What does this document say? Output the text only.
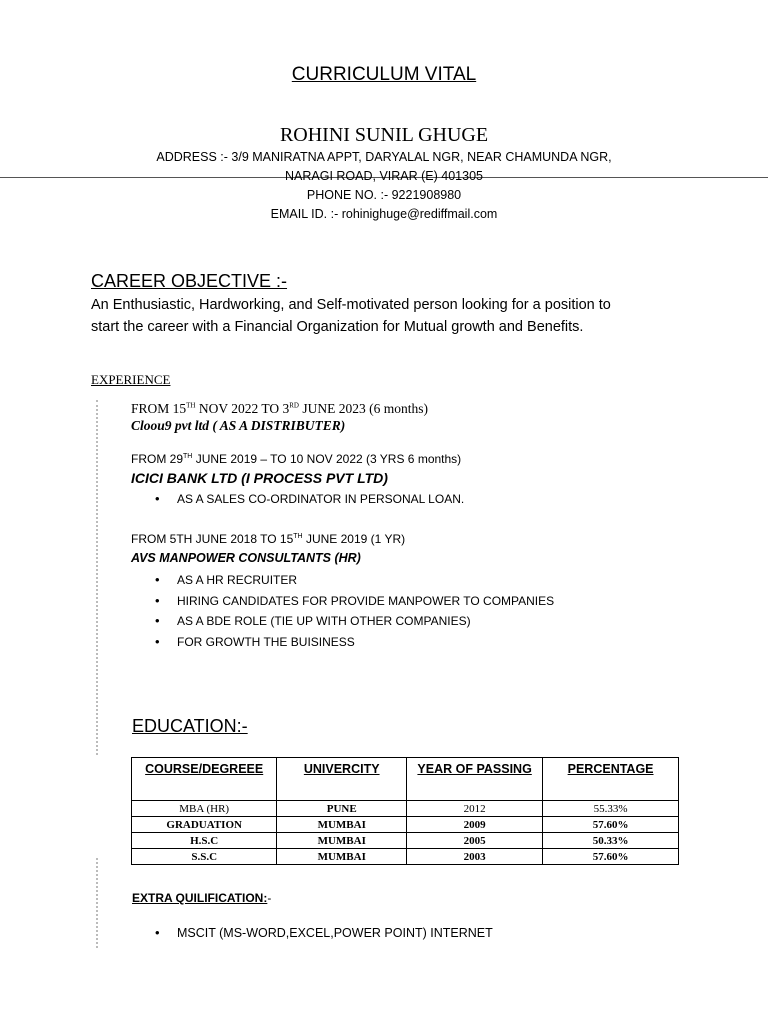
CURRICULUM VITAL
ROHINI SUNIL GHUGE
ADDRESS :- 3/9 MANIRATNA APPT, DARYALAL NGR, NEAR CHAMUNDA NGR,
NARAGI ROAD, VIRAR (E) 401305
PHONE NO. :- 9221908980
EMAIL ID. :- rohinighuge@rediffmail.com
CAREER OBJECTIVE :-
An Enthusiastic, Hardworking, and Self-motivated person looking for a position to
start the career with a Financial Organization for Mutual growth and Benefits.
EXPERIENCE
FROM 15TH NOV 2022 TO 3RD JUNE 2023 (6 months)
Cloou9 pvt ltd ( AS A DISTRIBUTER)
FROM 29TH JUNE 2019 – TO 10 NOV 2022 (3 YRS 6 months)
ICICI BANK LTD (I PROCESS PVT LTD)
• AS A SALES CO-ORDINATOR IN PERSONAL LOAN.
FROM 5TH JUNE 2018 TO 15TH JUNE 2019 (1 YR)
AVS MANPOWER CONSULTANTS (HR)
• AS A HR RECRUITER
• HIRING CANDIDATES FOR PROVIDE MANPOWER TO COMPANIES
• AS A BDE ROLE (TIE UP WITH OTHER COMPANIES)
• FOR GROWTH THE BUISINESS
EDUCATION:-
COURSE/DEGREEE	UNIVERCITY	YEAR OF PASSING	PERCENTAGE
MBA (HR)	PUNE	2012	55.33%
GRADUATION	MUMBAI	2009	57.60%
H.S.C	MUMBAI	2005	50.33%
S.S.C	MUMBAI	2003	57.60%
EXTRA QUILIFICATION:-
• MSCIT (MS-WORD,EXCEL,POWER POINT) INTERNET
